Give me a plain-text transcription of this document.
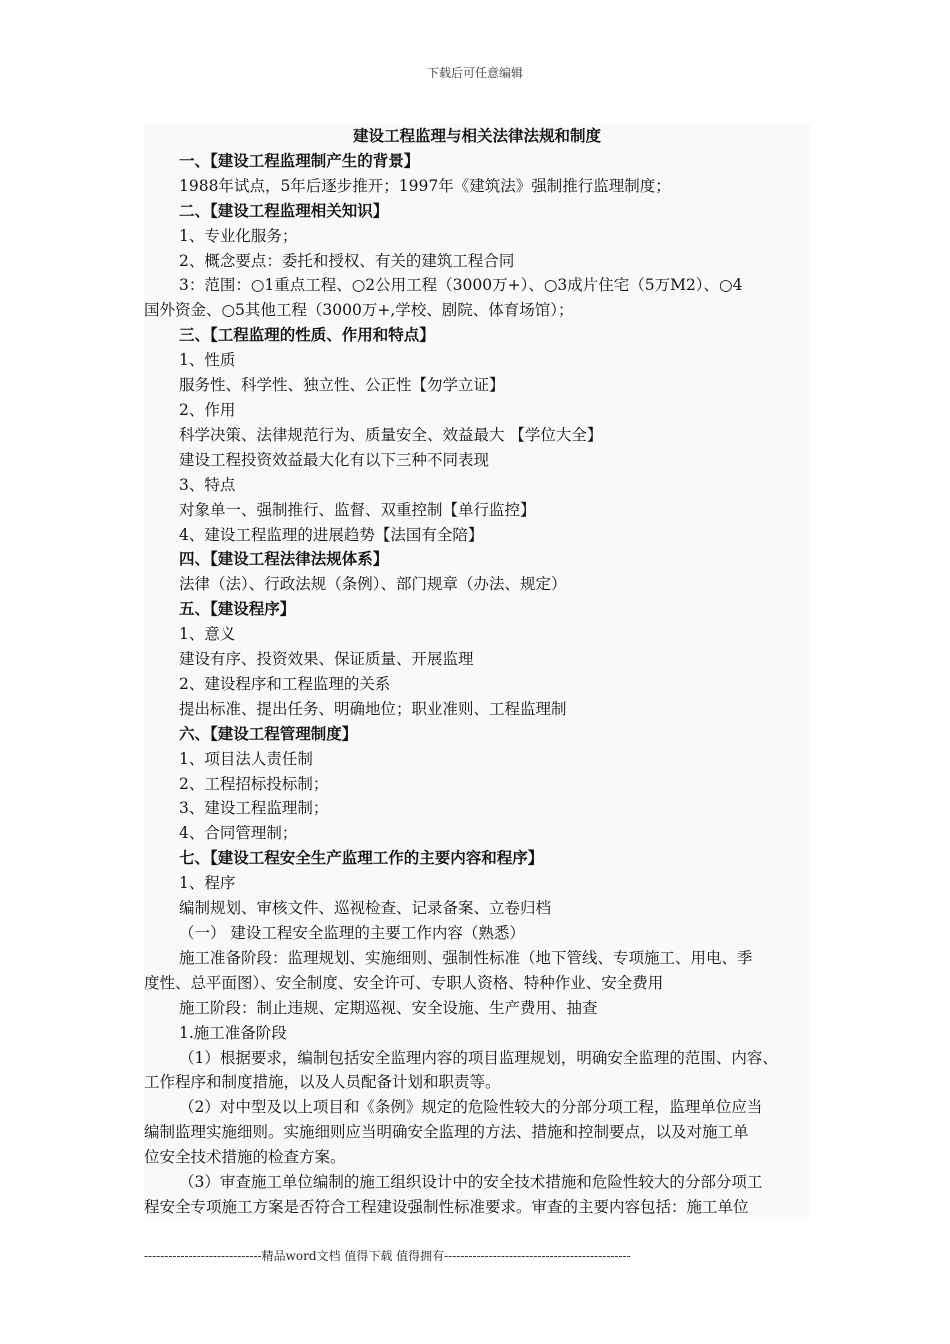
下载后可任意编辑
建设工程监理与相关法律法规和制度
一、【建设工程监理制产生的背景】
1988年试点，5年后逐步推开；1997年《建筑法》强制推行监理制度；
二、【建设工程监理相关知识】
1、专业化服务；
2、概念要点：委托和授权、有关的建筑工程合同
3：范围：○1重点工程、○2公用工程（3000万+）、○3成片住宅（5万M2）、○4
国外资金、○5其他工程（3000万+,学校、剧院、体育场馆）；
三、【工程监理的性质、作用和特点】
1、性质
服务性、科学性、独立性、公正性【勿学立证】
2、作用
科学决策、法律规范行为、质量安全、效益最大 【学位大全】
建设工程投资效益最大化有以下三种不同表现
3、特点
对象单一、强制推行、监督、双重控制【单行监控】
4、建设工程监理的进展趋势【法国有全陪】
四、【建设工程法律法规体系】
法律（法）、行政法规（条例）、部门规章（办法、规定）
五、【建设程序】
1、意义
建设有序、投资效果、保证质量、开展监理
2、建设程序和工程监理的关系
提出标准、提出任务、明确地位；职业准则、工程监理制
六、【建设工程管理制度】
1、项目法人责任制
2、工程招标投标制；
3、建设工程监理制；
4、合同管理制；
七、【建设工程安全生产监理工作的主要内容和程序】
1、程序
编制规划、审核文件、巡视检查、记录备案、立卷归档
（一） 建设工程安全监理的主要工作内容（熟悉）
施工准备阶段：监理规划、实施细则、强制性标准（地下管线、专项施工、用电、季
度性、总平面图）、安全制度、安全许可、专职人资格、特种作业、安全费用
施工阶段：制止违规、定期巡视、安全设施、生产费用、抽查
1.施工准备阶段
（1）根据要求，编制包括安全监理内容的项目监理规划，明确安全监理的范围、内容、
工作程序和制度措施，以及人员配备计划和职责等。
（2）对中型及以上项目和《条例》规定的危险性较大的分部分项工程，监理单位应当
编制监理实施细则。实施细则应当明确安全监理的方法、措施和控制要点，以及对施工单
位安全技术措施的检查方案。
（3）审查施工单位编制的施工组织设计中的安全技术措施和危险性较大的分部分项工
程安全专项施工方案是否符合工程建设强制性标准要求。审查的主要内容包括：施工单位
-----------------------------精品word文档 值得下载 值得拥有----------------------------------------------
